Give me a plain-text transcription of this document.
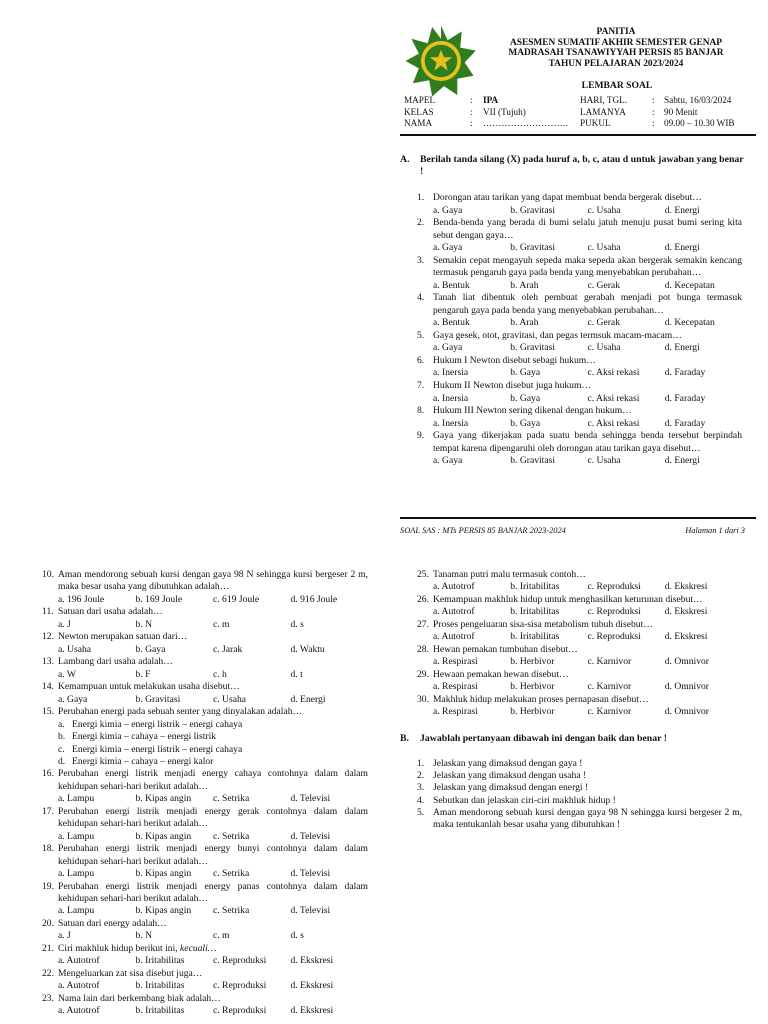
PANITIA
ASESMEN SUMATIF AKHIR SEMESTER GENAP
MADRASAH TSANAWIYYAH PERSIS 85 BANJAR
TAHUN PELAJARAN 2023/2024
LEMBAR SOAL
MAPEL	: IPA	HARI, TGL.	: Sabtu, 16/03/2024
KELAS	: VII (Tujuh)	LAMANYA	: 90 Menit
NAMA	: ………………………. PUKUL	: 09.00 – 10.30 WIB
A.	Berilah tanda silang (X) pada huruf a, b, c, atau d untuk jawaban yang benar !
1. Dorongan atau tarikan yang dapat membuat benda bergerak disebut…
a. Gaya	b. Gravitasi	c. Usaha	d. Energi
2. Benda-benda yang berada di bumi selalu jatuh menuju pusat bumi sering kita sebut dengan gaya…
a. Gaya	b. Gravitasi	c. Usaha	d. Energi
3. Semakin cepat mengayuh sepeda maka sepeda akan bergerak semakin kencang termasuk pengaruh gaya pada benda yang menyebabkan perubahan…
a. Bentuk	b. Arah	c. Gerak	d. Kecepatan
4. Tanah liat dibentuk oleh pembuat gerabah menjadi pot bunga termasuk pengaruh gaya pada benda yang menyebabkan perubahan…
a. Bentuk	b. Arah	c. Gerak	d. Kecepatan
5. Gaya gesek, otot, gravitasi, dan pegas termsuk macam-macam…
a. Gaya	b. Gravitasi	c. Usaha	d. Energi
6. Hukum I Newton disebut sebagi hukum…
a. Inersia	b. Gaya	c. Aksi rekasi	d. Faraday
7. Hukum II Newton disebut juga hukum…
a. Inersia	b. Gaya	c. Aksi rekasi	d. Faraday
8. Hukum III Newton sering dikenal dengan hukum…
a. Inersia	b. Gaya	c. Aksi rekasi	d. Faraday
9. Gaya yang dikerjakan pada suatu benda sehingga benda tersebut berpindah tempat karena dipengaruhi oleh dorongan atau tarikan gaya disebut…
a. Gaya	b. Gravitasi	c. Usaha	d. Energi
SOAL SAS : MTs PERSIS 85 BANJAR 2023-2024	Halaman 1 dari 3
10. Aman mendorong sebuah kursi dengan gaya 98 N sehingga kursi bergeser 2 m, maka besar usaha yang dibutuhkan adalah…
a. 196 Joule	b. 169 Joule	c. 619 Joule	d. 916 Joule
11. Satuan dari usaha adalah…
a. J	b. N	c. m	d. s
12. Newton merupakan satuan dari…
a. Usaha	b. Gaya	c. Jarak	d. Waktu
13. Lambang dari usaha adalah…
a. W	b. F	c. h	d. t
14. Kemampuan untuk melakukan usaha disebut…
a. Gaya	b. Gravitasi	c. Usaha	d. Energi
15. Perubahan energi pada sebuah senter yang dinyalakan adalah…
a. Energi kimia – energi listrik – energi cahaya
b. Energi kimia – cahaya – energi listrik
c. Energi kimia – energi listrik – energi cahaya
d. Energi kimia – cahaya – energi kalor
16. Perubahan energi listrik menjadi energy cahaya contohnya dalam dalam kehidupan sehari-hari berikut adalah…
a. Lampu	b. Kipas angin	c. Setrika	d. Televisi
17. Perubahan energi listrik menjadi energy gerak contohnya dalam dalam kehidupan sehari-hari berikut adalah…
a. Lampu	b. Kipas angin	c. Setrika	d. Televisi
18. Perubahan energi listrik menjadi energy bunyi contohnya dalam dalam kehidupan sehari-hari berikut adalah…
a. Lampu	b. Kipas angin	c. Setrika	d. Televisi
19. Perubahan energi listrik menjadi energy panas contohnya dalam dalam kehidupan sehari-hari berikut adalah…
a. Lampu	b. Kipas angin	c. Setrika	d. Televisi
20. Satuan dari energy adalah…
a. J	b. N	c. m	d. s
21. Ciri makhluk hidup berikut ini, kecuali…
a. Autotrof	b. Iritabilitas	c. Reproduksi	d. Ekskresi
22. Mengeluarkan zat sisa disebut juga…
a. Autotrof	b. Iritabilitas	c. Reproduksi	d. Ekskresi
23. Nama lain dari berkembang biak adalah…
a. Autotrof	b. Iritabilitas	c. Reproduksi	d. Ekskresi
25. Tanaman putri malu termasuk contoh…
a. Autotrof	b. Iritabilitas	c. Reproduksi	d. Ekskresi
26. Kemampuan makhluk hidup untuk menghasilkan keturunan disebut…
a. Autotrof	b. Iritabilitas	c. Reproduksi	d. Ekskresi
27. Proses pengeluaran sisa-sisa metabolism tubuh disebut…
a. Autotrof	b. Iritabilitas	c. Reproduksi	d. Ekskresi
28. Hewan pemakan tumbuhan disebut…
a. Respirasi	b. Herbivor	c. Karnivor	d. Omnivor
29. Hewaan pemakan hewan disebut…
a. Respirasi	b. Herbivor	c. Karnivor	d. Omnivor
30. Makhluk hidup melakukan proses pernapasan disebut…
a. Respirasi	b. Herbivor	c. Karnivor	d. Omnivor
B.	Jawablah pertanyaan dibawah ini dengan baik dan benar !
1. Jelaskan yang dimaksud dengan gaya !
2. Jelaskan yang dimaksud dengan usaha !
3. Jelaskan yang dimaksud dengan energi !
4. Sebutkan dan jelaskan ciri-ciri makhluk hidup !
5. Aman mendorong sebuah kursi dengan gaya 98 N sehingga kursi bergeser 2 m, maka tentukanlah besar usaha yang dibutuhkan !
